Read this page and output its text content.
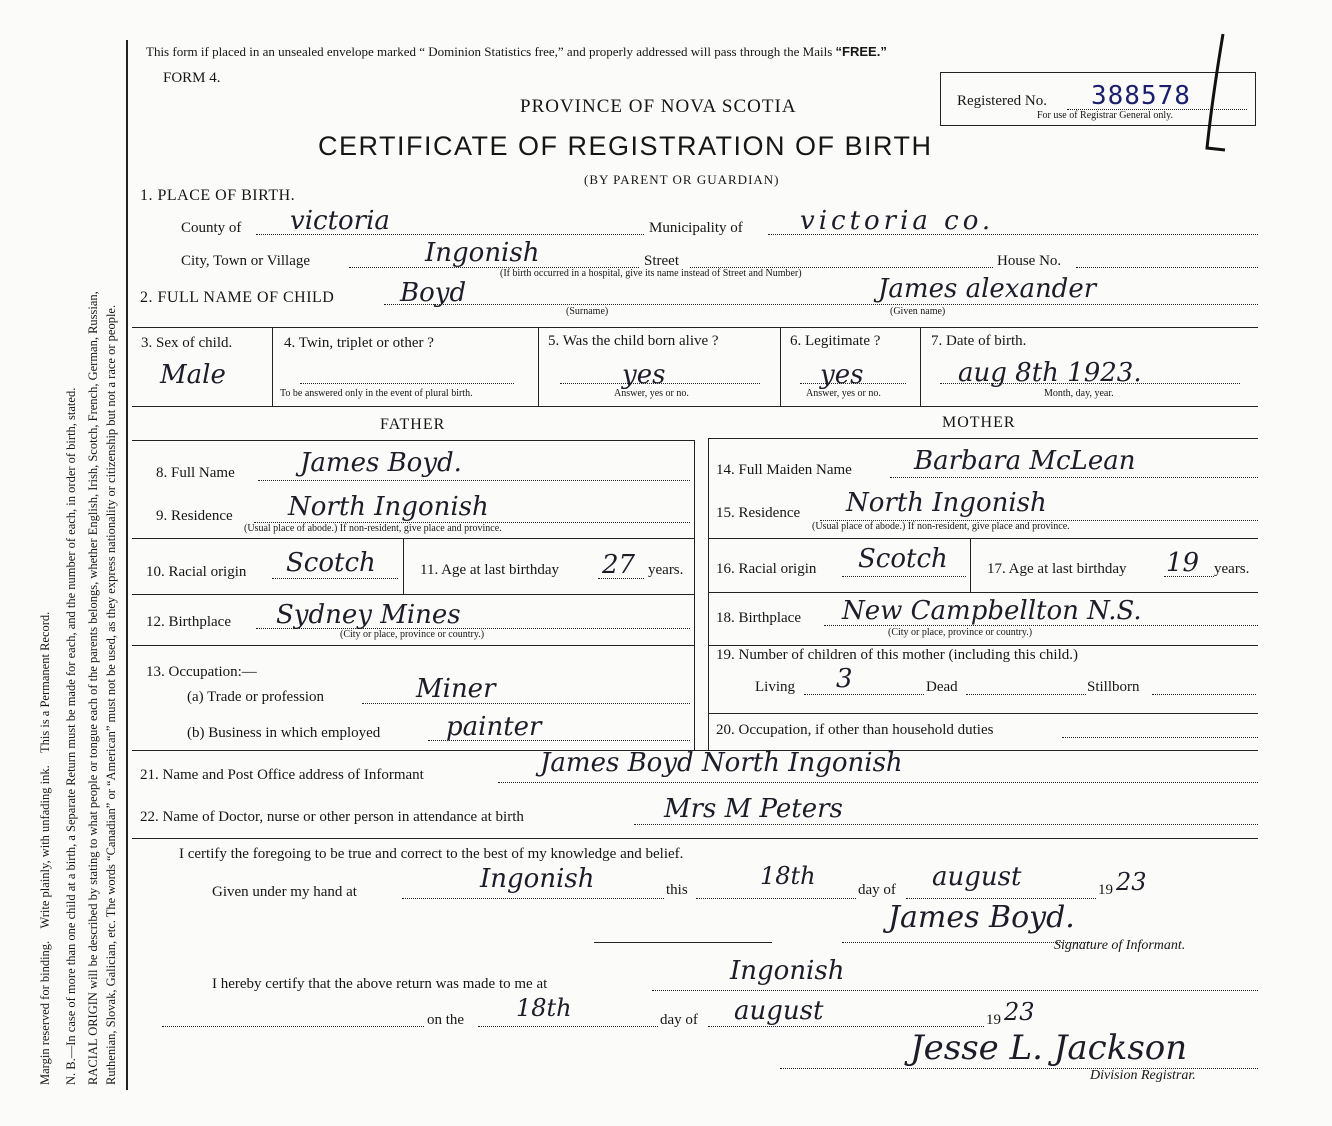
Margin reserved for binding.    Write plainly, with unfading ink.    This is a Permanent Record. N. B.—In case of more than one child at a birth, a Separate Return must be made for each, and the number of each, in order of birth, stated. RACIAL ORIGIN will be described by stating to what people or tongue each of the parents belongs, whether English, Irish, Scotch, French, German, Russian, Ruthenian, Slovak, Galician, etc. The words “Canadian” or “American” must not be used, as they express nationality or citizenship but not a race or people.
This form if placed in an unsealed envelope marked “ Dominion Statistics free,” and properly addressed will pass through the Mails “FREE.”
FORM 4.
PROVINCE OF NOVA SCOTIA
CERTIFICATE OF REGISTRATION OF BIRTH
(BY PARENT OR GUARDIAN)
Registered No. 388578
For use of Registrar General only.
1. PLACE OF BIRTH.
County of victoria	Municipality of victoria co.
City, Town or Village	Ingonish	Street	House No.
(If birth occurred in a hospital, give its name instead of Street and Number)
2. FULL NAME OF CHILD	Boyd
(Surname)
James alexander
(Given name)
3. Sex of child.
Male
4. Twin, triplet or other ?
To be answered only in the event of plural birth.
5. Was the child born alive ?
yes
Answer, yes or no.
6. Legitimate ?
yes
Answer, yes or no.
7. Date of birth.
aug 8th 1923.
Month, day, year.
FATHER	MOTHER
8. Full Name	James Boyd.
9. Residence North Ingonish
(Usual place of abode.) If non-resident, give place and province.
10. Racial origin Scotch	11. Age at last birthday 27 years.
12. Birthplace Sydney Mines
(City or place, province or country.)
13. Occupation:—
(a) Trade or profession	Miner
(b) Business in which employed	painter
14. Full Maiden Name Barbara McLean
15. Residence North Ingonish
(Usual place of abode.) If non-resident, give place and province.
16. Racial origin Scotch	17. Age at last birthday 19 years.
18. Birthplace New Campbellton N.S.
(City or place, province or country.)
19. Number of children of this mother (including this child.)
Living 3	Dead	Stillborn
20. Occupation, if other than household duties
21. Name and Post Office address of Informant	James Boyd North Ingonish
22. Name of Doctor, nurse or other person in attendance at birth	Mrs M Peters
I certify the foregoing to be true and correct to the best of my knowledge and belief.
Given under my hand at	Ingonish	this	18th	day of august	19 23
James Boyd.
Signature of Informant.
I hereby certify that the above return was made to me at	Ingonish
on the 18th	day of august	19 23
Jesse L. Jackson
Division Registrar.
